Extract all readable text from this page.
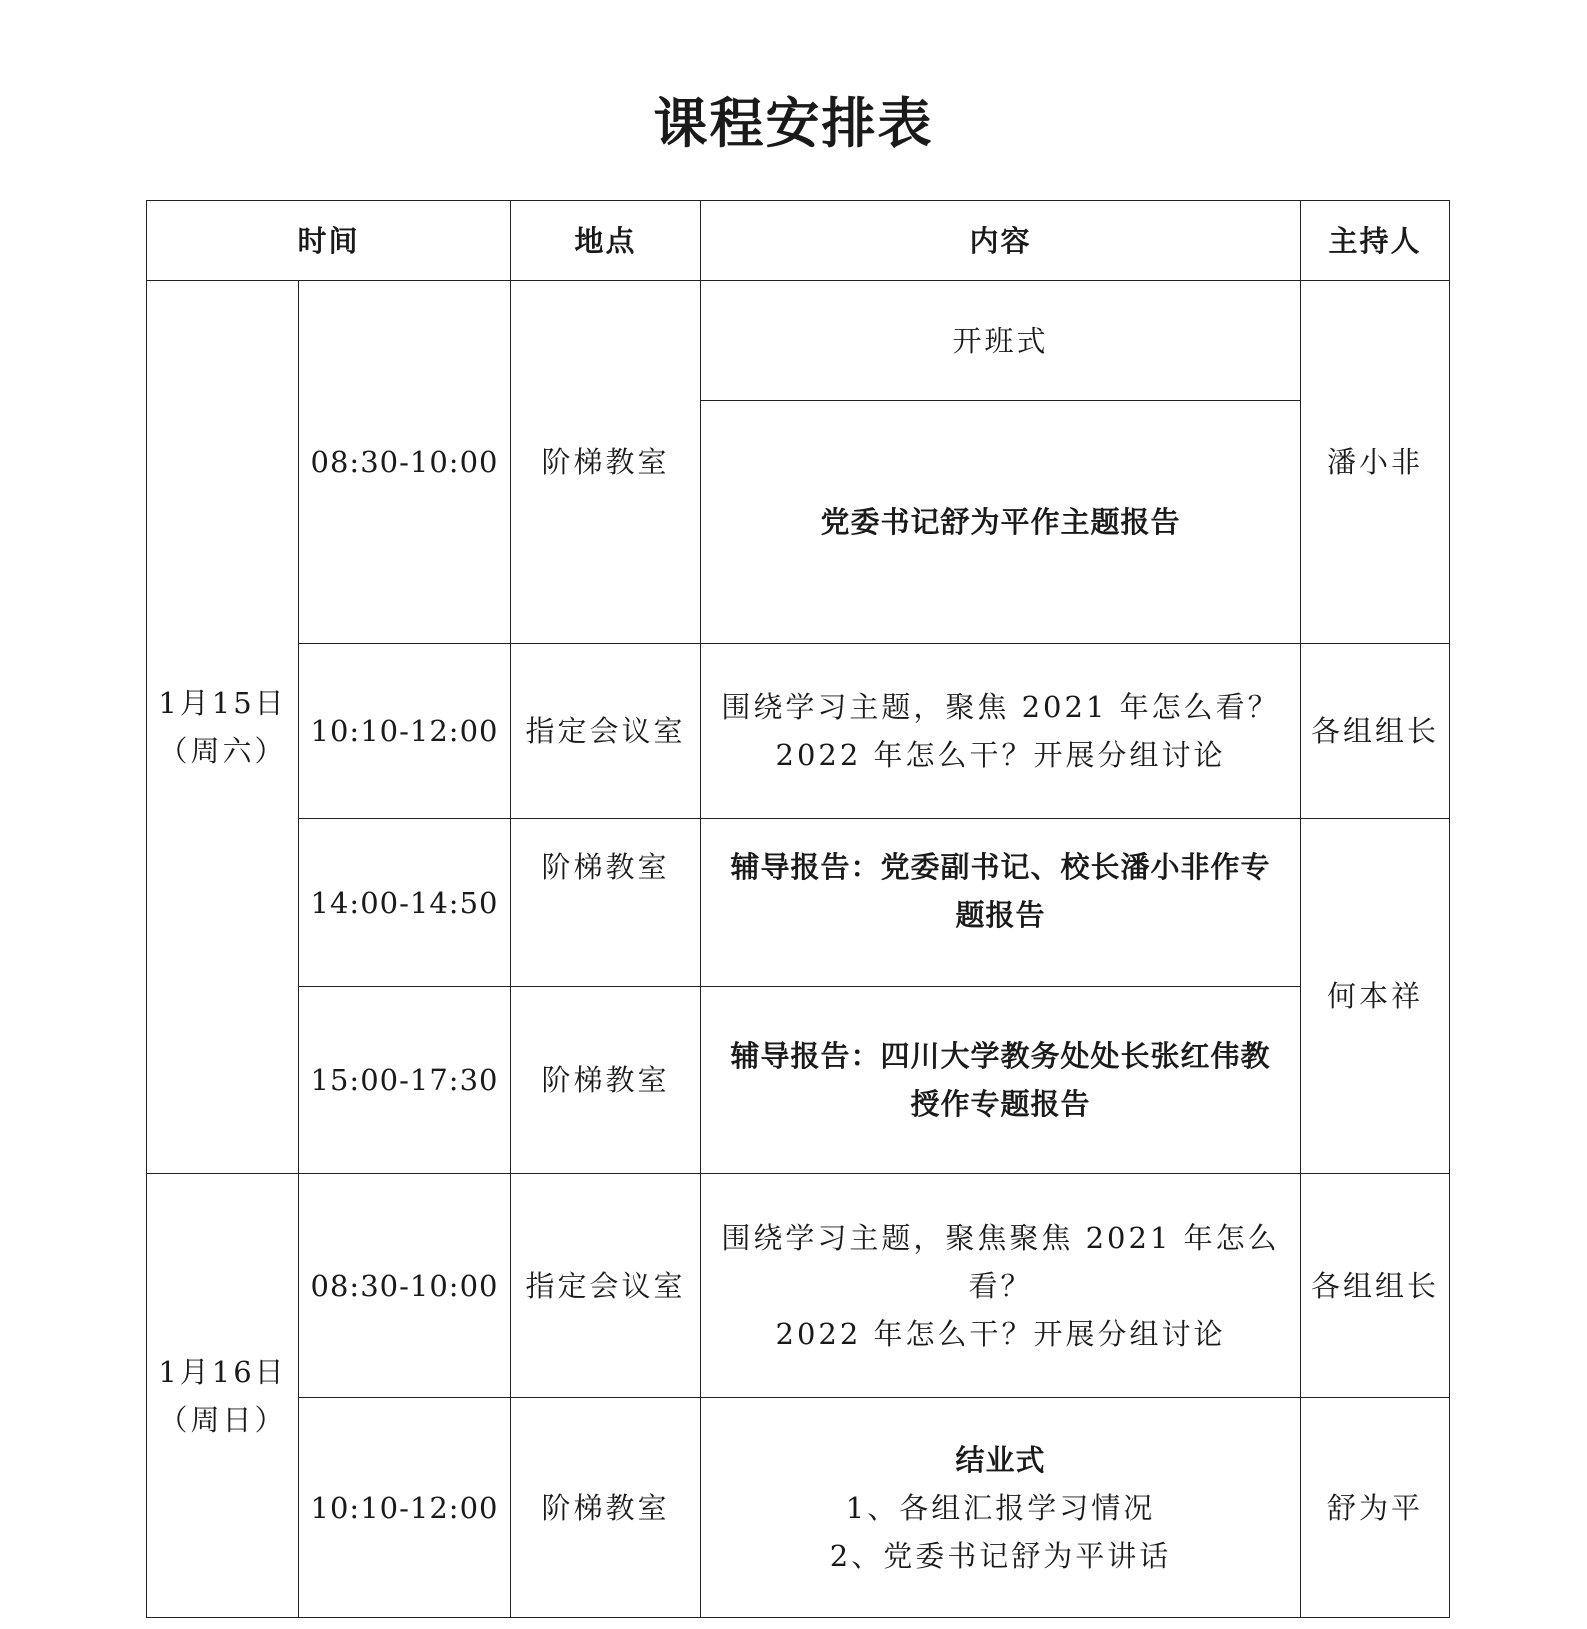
课程安排表
时间		地点	内容	主持人

1月15日
（周六）	08:30-10:00	阶梯教室	开班式	潘小非
			党委书记舒为平作主题报告	
	10:10-12:00	指定会议室	围绕学习主题，聚焦 2021 年怎么看？
2022 年怎么干？开展分组讨论	各组组长
	14:00-14:50	阶梯教室	辅导报告：党委副书记、校长潘小非作专
题报告	何本祥
	15:00-17:30	阶梯教室	辅导报告：四川大学教务处处长张红伟教
授作专题报告	

1月16日
（周日）	08:30-10:00	指定会议室	围绕学习主题，聚焦聚焦 2021 年怎么看？
2022 年怎么干？开展分组讨论	各组组长
	10:10-12:00	阶梯教室	结业式
1、各组汇报学习情况
2、党委书记舒为平讲话	舒为平
